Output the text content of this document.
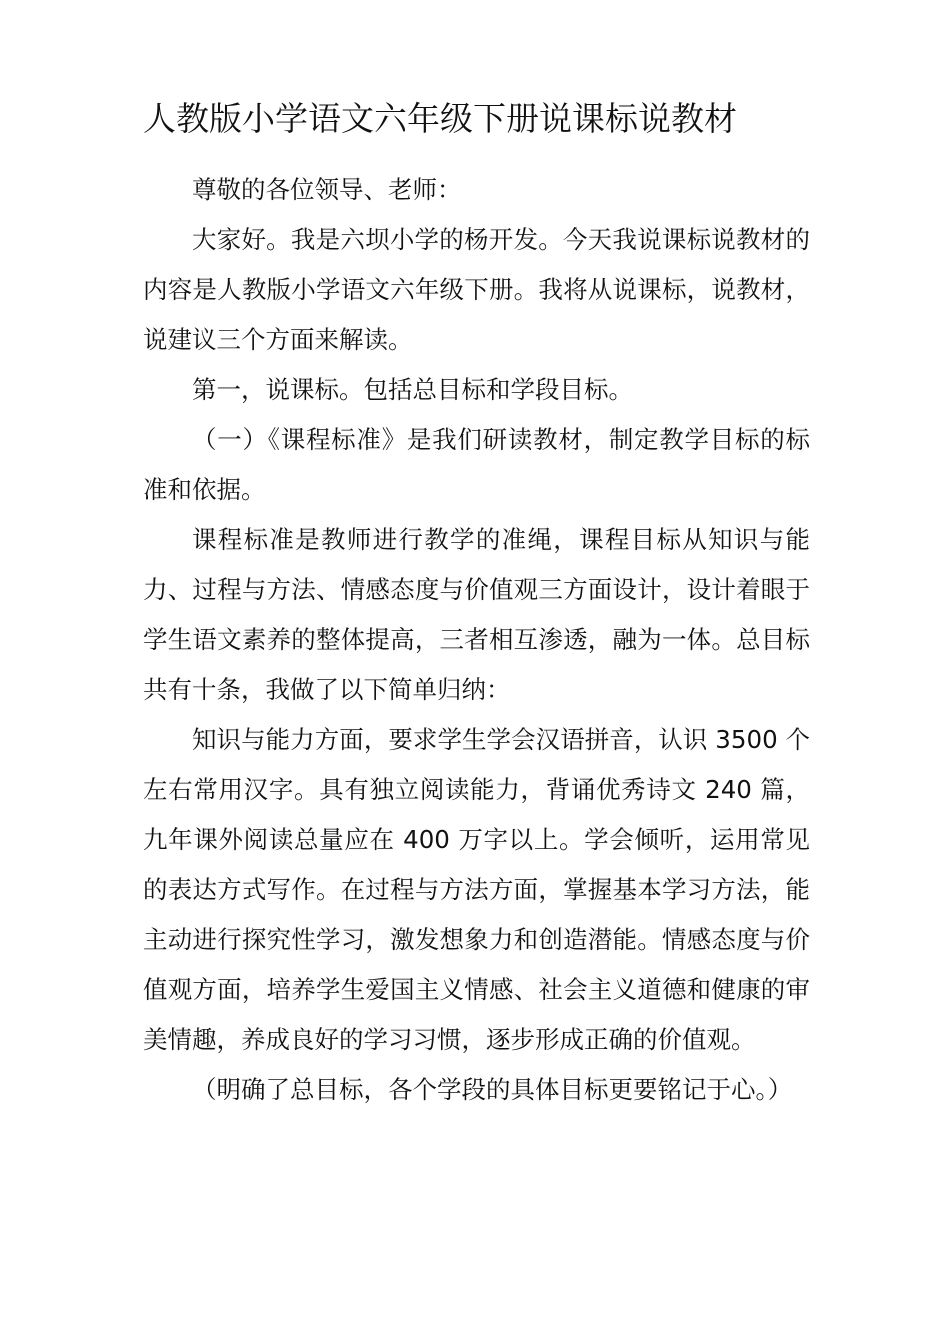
人教版小学语文六年级下册说课标说教材

尊敬的各位领导、老师：

大家好。我是六坝小学的杨开发。今天我说课标说教材的内容是人教版小学语文六年级下册。我将从说课标，说教材，说建议三个方面来解读。

第一，说课标。包括总目标和学段目标。

（一）《课程标准》是我们研读教材，制定教学目标的标准和依据。

课程标准是教师进行教学的准绳，课程目标从知识与能力、过程与方法、情感态度与价值观三方面设计，设计着眼于学生语文素养的整体提高，三者相互渗透，融为一体。总目标共有十条，我做了以下简单归纳：

知识与能力方面，要求学生学会汉语拼音，认识 3500 个左右常用汉字。具有独立阅读能力，背诵优秀诗文 240 篇，九年课外阅读总量应在 400 万字以上。学会倾听，运用常见的表达方式写作。在过程与方法方面，掌握基本学习方法，能主动进行探究性学习，激发想象力和创造潜能。情感态度与价值观方面，培养学生爱国主义情感、社会主义道德和健康的审美情趣，养成良好的学习习惯，逐步形成正确的价值观。

（明确了总目标，各个学段的具体目标更要铭记于心。）
